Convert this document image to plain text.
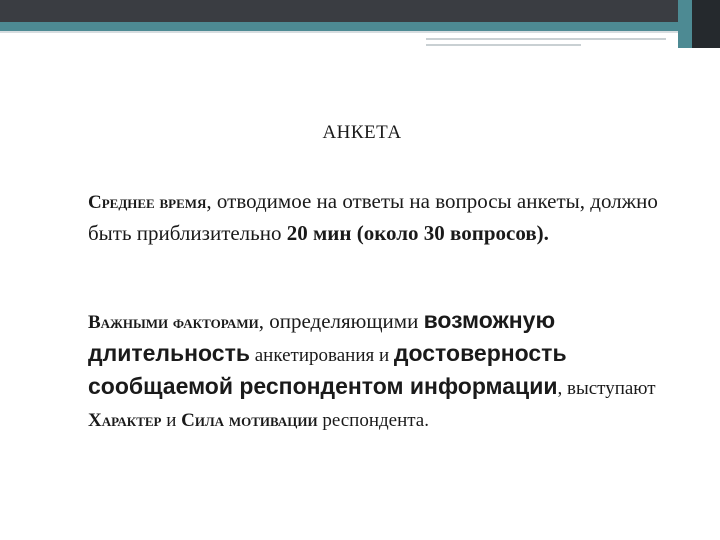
АНКЕТА
Среднее время, отводимое на ответы на вопросы анкеты, должно быть приблизительно 20 мин (около 30 вопросов).
Важными факторами, определяющими возможную длительность анкетирования и достоверность сообщаемой респондентом информации, выступают Характер и Сила мотивации респондента.
